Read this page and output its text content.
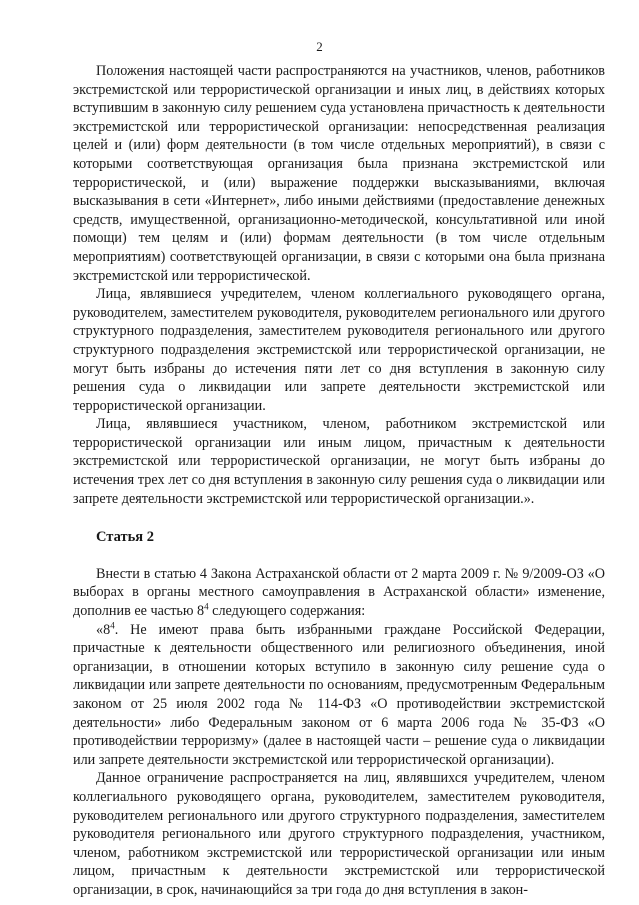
2

Положения настоящей части распространяются на участников, членов, работников экстремистской или террористической организации и иных лиц, в действиях которых вступившим в законную силу решением суда установлена причастность к деятельности экстремистской или террористической организации: непосредственная реализация целей и (или) форм деятельности (в том числе отдельных мероприятий), в связи с которыми соответствующая организация была признана экстремистской или террористической, и (или) выражение поддержки высказываниями, включая высказывания в сети «Интернет», либо иными действиями (предоставление денежных средств, имущественной, организационно-методической, консультативной или иной помощи) тем целям и (или) формам деятельности (в том числе отдельным мероприятиям) соответствующей организации, в связи с которыми она была признана экстремистской или террористической.

Лица, являвшиеся учредителем, членом коллегиального руководящего органа, руководителем, заместителем руководителя, руководителем регионального или другого структурного подразделения, заместителем руководителя регионального или другого структурного подразделения экстремистской или террористической организации, не могут быть избраны до истечения пяти лет со дня вступления в законную силу решения суда о ликвидации или запрете деятельности экстремистской или террористической организации.

Лица, являвшиеся участником, членом, работником экстремистской или террористической организации или иным лицом, причастным к деятельности экстремистской или террористической организации, не могут быть избраны до истечения трех лет со дня вступления в законную силу решения суда о ликвидации или запрете деятельности экстремистской или террористической организации.».

Статья 2

Внести в статью 4 Закона Астраханской области от 2 марта 2009 г. № 9/2009-ОЗ «О выборах в органы местного самоуправления в Астраханской области» изменение, дополнив ее частью $8^4$ следующего содержания:

«$8^4$. Не имеют права быть избранными граждане Российской Федерации, причастные к деятельности общественного или религиозного объединения, иной организации, в отношении которых вступило в законную силу решение суда о ликвидации или запрете деятельности по основаниям, предусмотренным Федеральным законом от 25 июля 2002 года № 114-ФЗ «О противодействии экстремистской деятельности» либо Федеральным законом от 6 марта 2006 года № 35-ФЗ «О противодействии терроризму» (далее в настоящей части – решение суда о ликвидации или запрете деятельности экстремистской или террористической организации).

Данное ограничение распространяется на лиц, являвшихся учредителем, членом коллегиального руководящего органа, руководителем, заместителем руководителя, руководителем регионального или другого структурного подразделения, заместителем руководителя регионального или другого структурного подразделения, участником, членом, работником экстремистской или террористической организации или иным лицом, причастным к деятельности экстремистской или террористической организации, в срок, начинающийся за три года до дня вступления в закон-
